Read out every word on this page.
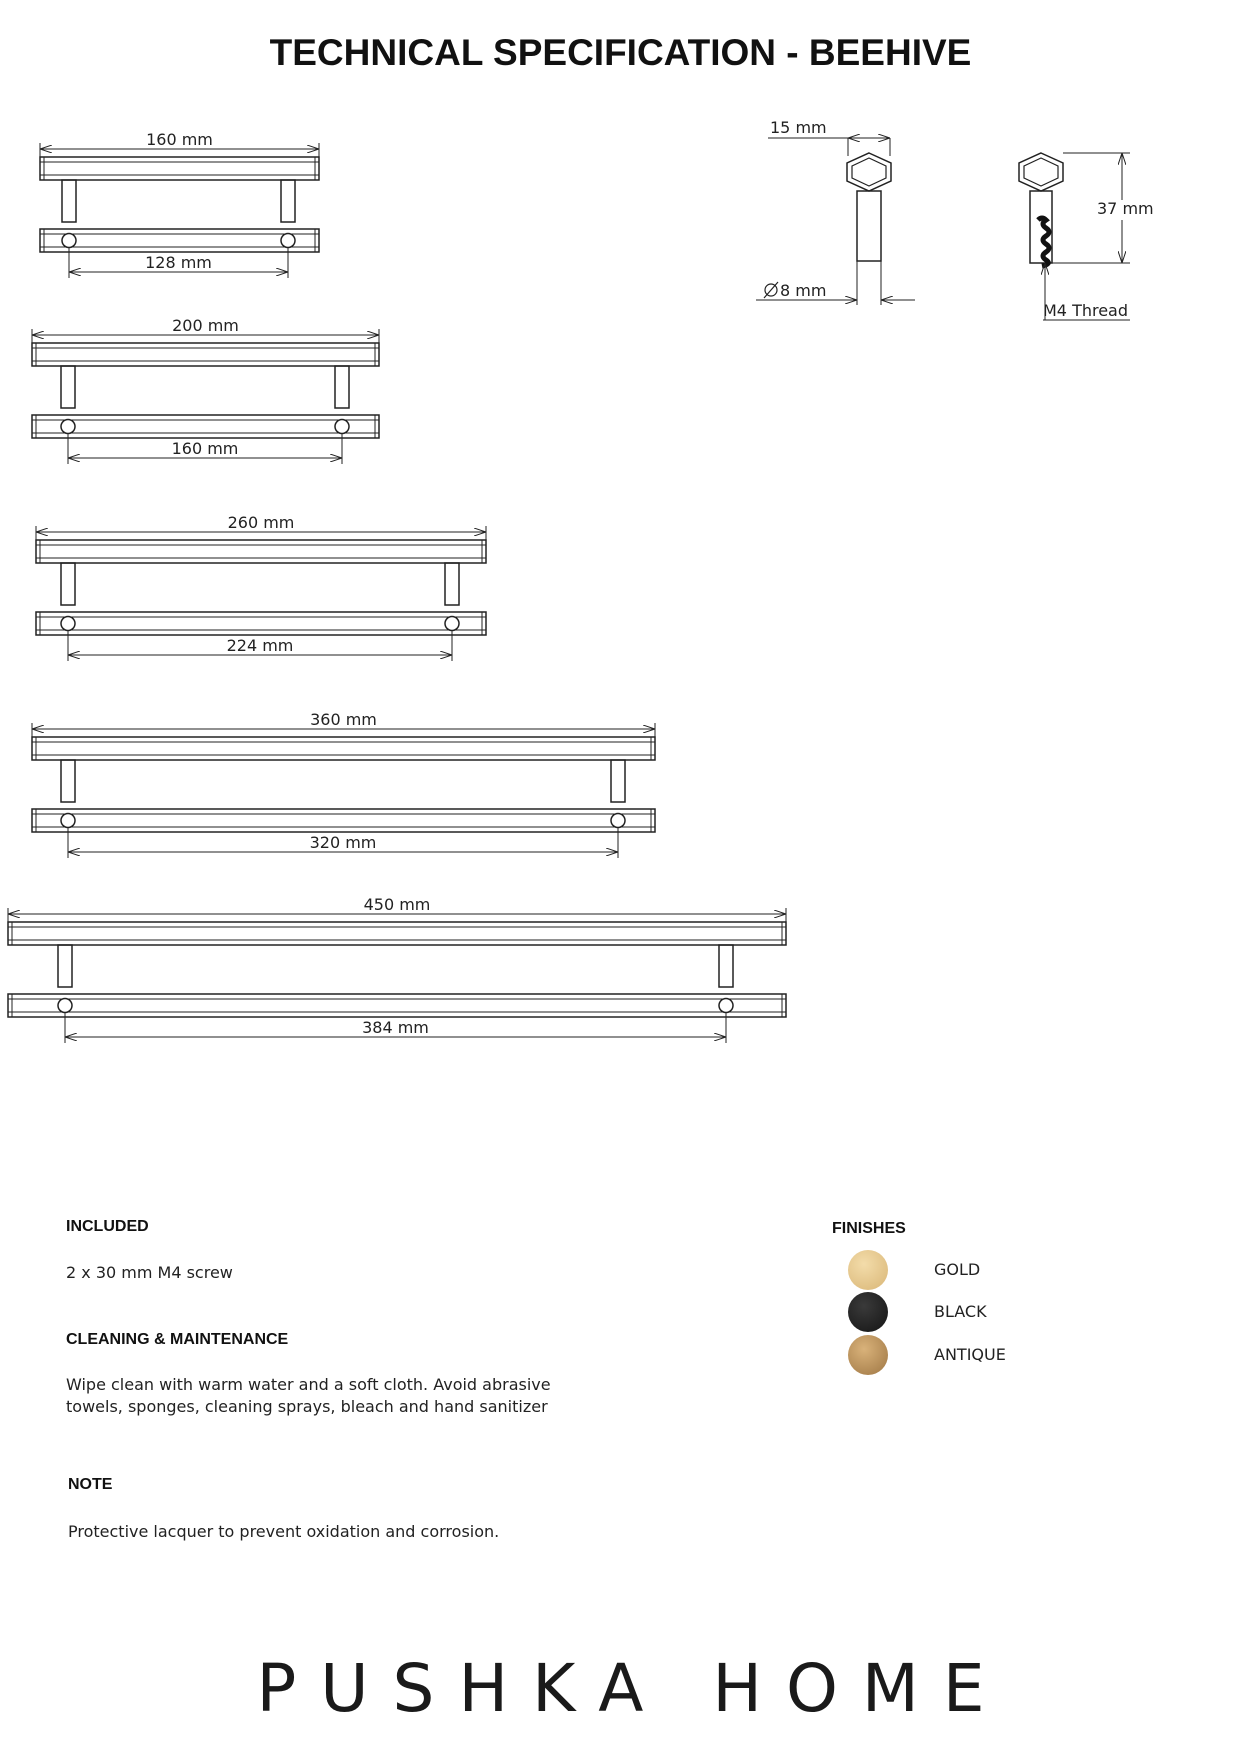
TECHNICAL SPECIFICATION - BEEHIVE
160 mm
128 mm
200 mm
160 mm
260 mm
224 mm
360 mm
320 mm
450 mm
384 mm
15 mm
8 mm
37 mm
M4 Thread
INCLUDED
2 x 30 mm M4 screw
CLEANING & MAINTENANCE
Wipe clean with warm water and a soft cloth. Avoid abrasive
towels, sponges, cleaning sprays, bleach and hand sanitizer
NOTE
Protective lacquer to prevent oxidation and corrosion.
FINISHES
GOLD
BLACK
ANTIQUE
PUSHKA HOME
